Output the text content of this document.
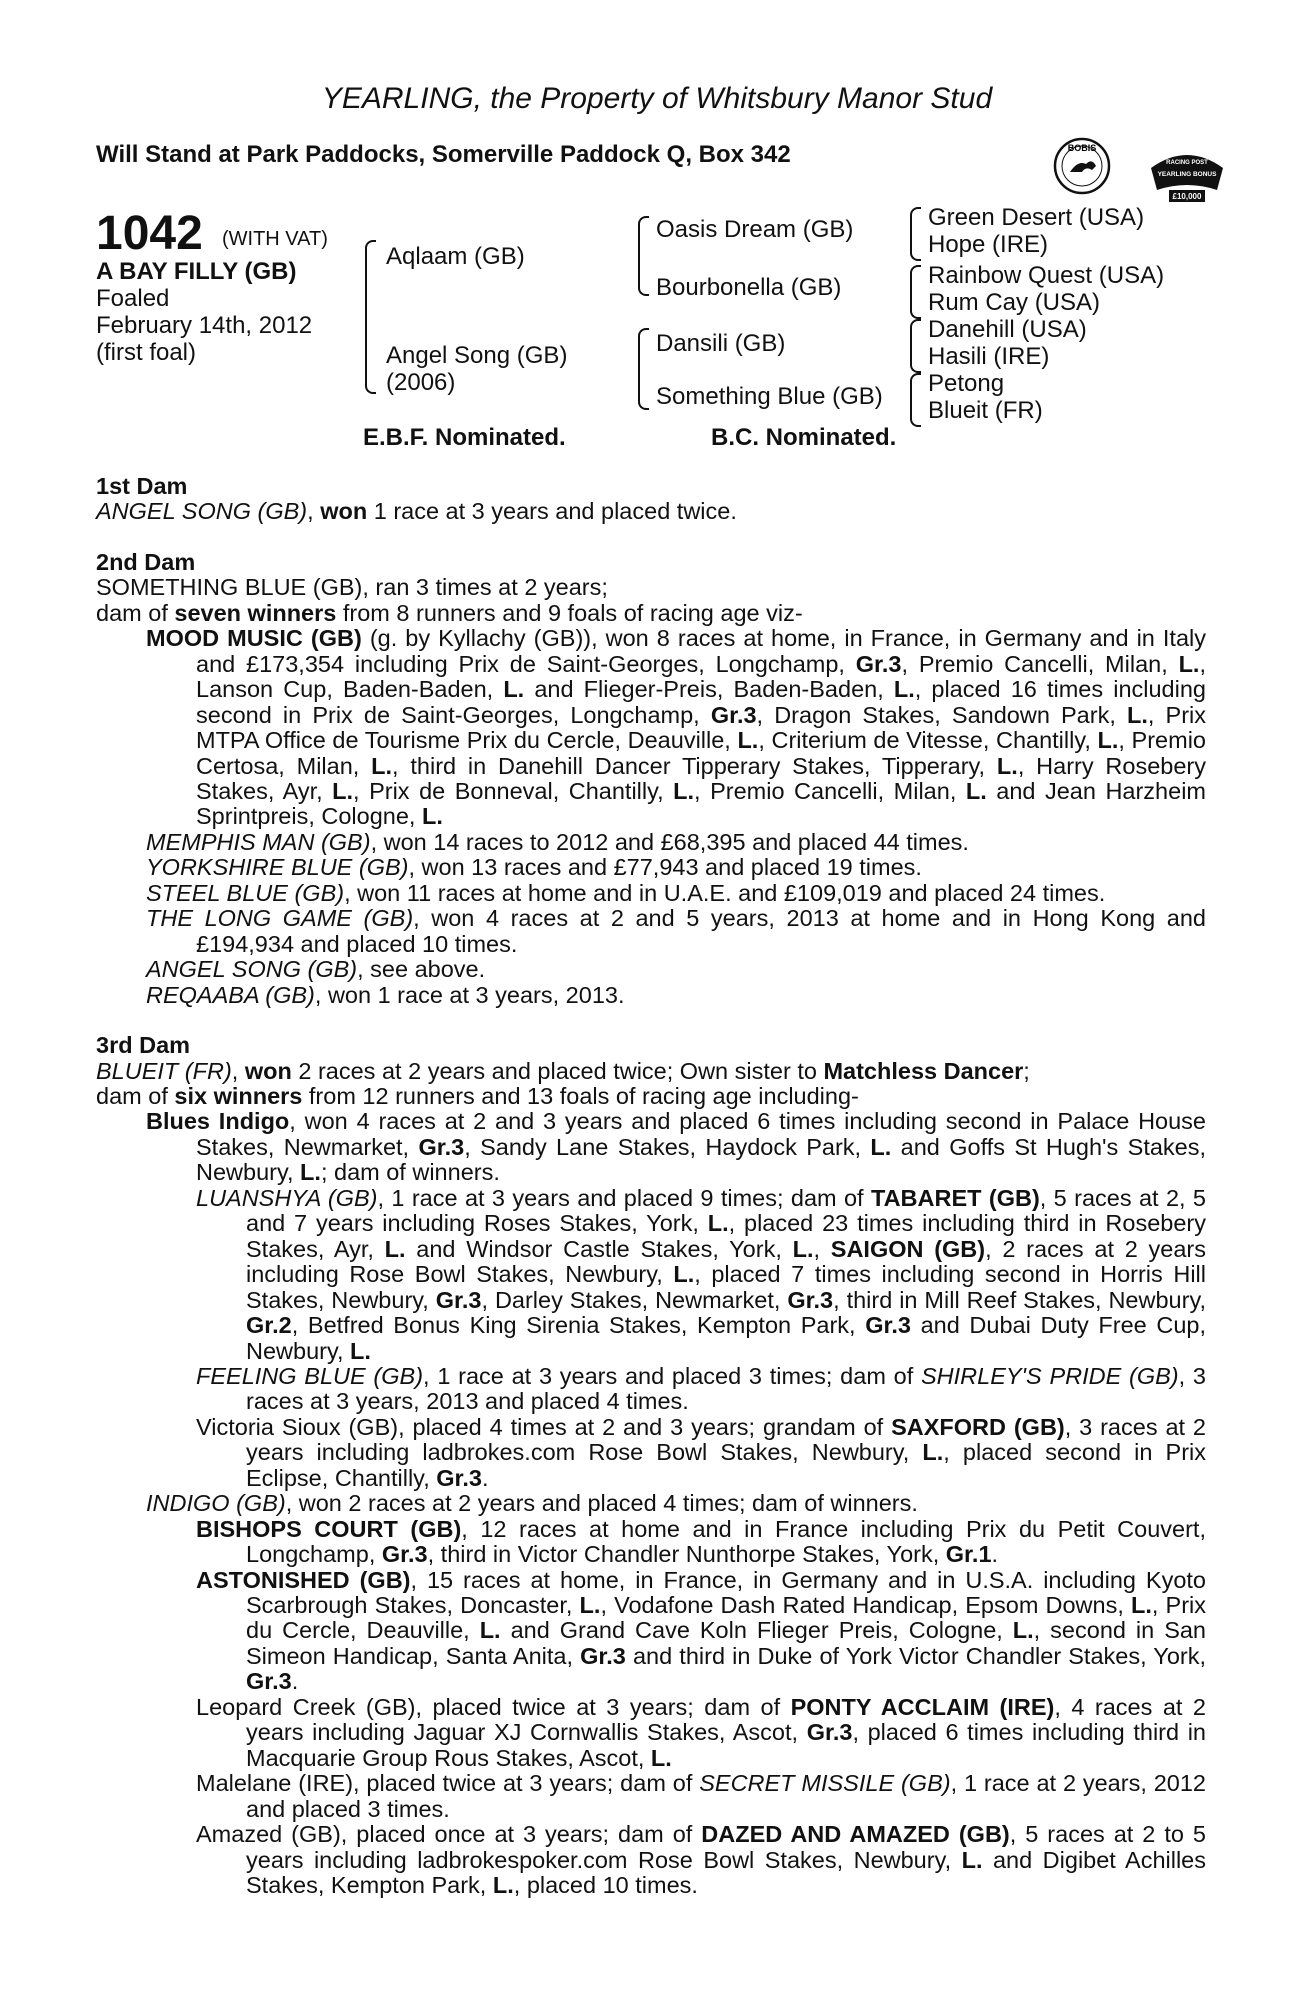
YEARLING, the Property of Whitsbury Manor Stud
Will Stand at Park Paddocks, Somerville Paddock Q, Box 342	BOBIS
RACING POST
YEARLING BONUS
£10,000
1042 (WITH VAT)
A BAY FILLY (GB)
Foaled
February 14th, 2012
(first foal)
Aqlaam (GB)
Angel Song (GB)
(2006)
Oasis Dream (GB)
Bourbonella (GB)
Dansili (GB)
Something Blue (GB)
Green Desert (USA)
Hope (IRE)
Rainbow Quest (USA)
Rum Cay (USA)
Danehill (USA)
Hasili (IRE)
Petong
Blueit (FR)
E.B.F. Nominated.	B.C. Nominated.

1st Dam

ANGEL SONG (GB), won 1 race at 3 years and placed twice.

2nd Dam

SOMETHING BLUE (GB), ran 3 times at 2 years;

dam of seven winners from 8 runners and 9 foals of racing age viz-

MOOD MUSIC (GB) (g. by Kyllachy (GB)), won 8 races at home, in France, in Germany and in Italy and £173,354 including Prix de Saint-Georges, Longchamp, Gr.3, Premio Cancelli, Milan, L., Lanson Cup, Baden-Baden, L. and Flieger-Preis, Baden-Baden, L., placed 16 times including second in Prix de Saint-Georges, Longchamp, Gr.3, Dragon Stakes, Sandown Park, L., Prix MTPA Office de Tourisme Prix du Cercle, Deauville, L., Criterium de Vitesse, Chantilly, L., Premio Certosa, Milan, L., third in Danehill Dancer Tipperary Stakes, Tipperary, L., Harry Rosebery Stakes, Ayr, L., Prix de Bonneval, Chantilly, L., Premio Cancelli, Milan, L. and Jean Harzheim Sprintpreis, Cologne, L.

MEMPHIS MAN (GB), won 14 races to 2012 and £68,395 and placed 44 times.

YORKSHIRE BLUE (GB), won 13 races and £77,943 and placed 19 times.

STEEL BLUE (GB), won 11 races at home and in U.A.E. and £109,019 and placed 24 times.

THE LONG GAME (GB), won 4 races at 2 and 5 years, 2013 at home and in Hong Kong and £194,934 and placed 10 times.

ANGEL SONG (GB), see above.

REQAABA (GB), won 1 race at 3 years, 2013.

3rd Dam

BLUEIT (FR), won 2 races at 2 years and placed twice; Own sister to Matchless Dancer;

dam of six winners from 12 runners and 13 foals of racing age including-

Blues Indigo, won 4 races at 2 and 3 years and placed 6 times including second in Palace House Stakes, Newmarket, Gr.3, Sandy Lane Stakes, Haydock Park, L. and Goffs St Hugh's Stakes, Newbury, L.; dam of winners.

LUANSHYA (GB), 1 race at 3 years and placed 9 times; dam of TABARET (GB), 5 races at 2, 5 and 7 years including Roses Stakes, York, L., placed 23 times including third in Rosebery Stakes, Ayr, L. and Windsor Castle Stakes, York, L., SAIGON (GB), 2 races at 2 years including Rose Bowl Stakes, Newbury, L., placed 7 times including second in Horris Hill Stakes, Newbury, Gr.3, Darley Stakes, Newmarket, Gr.3, third in Mill Reef Stakes, Newbury, Gr.2, Betfred Bonus King Sirenia Stakes, Kempton Park, Gr.3 and Dubai Duty Free Cup, Newbury, L.

FEELING BLUE (GB), 1 race at 3 years and placed 3 times; dam of SHIRLEY'S PRIDE (GB), 3 races at 3 years, 2013 and placed 4 times.

Victoria Sioux (GB), placed 4 times at 2 and 3 years; grandam of SAXFORD (GB), 3 races at 2 years including ladbrokes.com Rose Bowl Stakes, Newbury, L., placed second in Prix Eclipse, Chantilly, Gr.3.

INDIGO (GB), won 2 races at 2 years and placed 4 times; dam of winners.

BISHOPS COURT (GB), 12 races at home and in France including Prix du Petit Couvert, Longchamp, Gr.3, third in Victor Chandler Nunthorpe Stakes, York, Gr.1.

ASTONISHED (GB), 15 races at home, in France, in Germany and in U.S.A. including Kyoto Scarbrough Stakes, Doncaster, L., Vodafone Dash Rated Handicap, Epsom Downs, L., Prix du Cercle, Deauville, L. and Grand Cave Koln Flieger Preis, Cologne, L., second in San Simeon Handicap, Santa Anita, Gr.3 and third in Duke of York Victor Chandler Stakes, York, Gr.3.

Leopard Creek (GB), placed twice at 3 years; dam of PONTY ACCLAIM (IRE), 4 races at 2 years including Jaguar XJ Cornwallis Stakes, Ascot, Gr.3, placed 6 times including third in Macquarie Group Rous Stakes, Ascot, L.

Malelane (IRE), placed twice at 3 years; dam of SECRET MISSILE (GB), 1 race at 2 years, 2012 and placed 3 times.

Amazed (GB), placed once at 3 years; dam of DAZED AND AMAZED (GB), 5 races at 2 to 5 years including ladbrokespoker.com Rose Bowl Stakes, Newbury, L. and Digibet Achilles Stakes, Kempton Park, L., placed 10 times.
